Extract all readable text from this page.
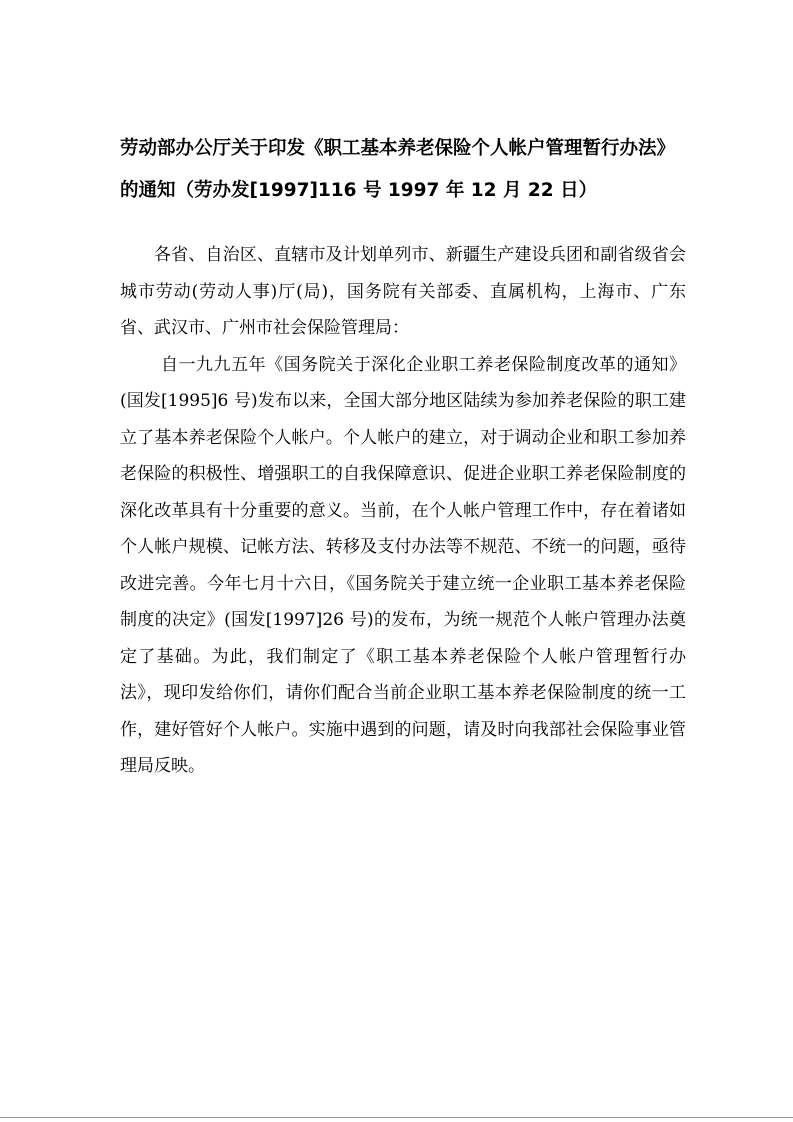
劳动部办公厅关于印发《职工基本养老保险个人帐户管理暂行办法》
的通知（劳办发[1997]116 号 1997 年 12 月 22 日）

各省、自治区、直辖市及计划单列市、新疆生产建设兵团和副省级省会城市劳动(劳动人事)厅(局)，国务院有关部委、直属机构，上海市、广东省、武汉市、广州市社会保险管理局：

自一九九五年《国务院关于深化企业职工养老保险制度改革的通知》(国发[1995]6 号)发布以来，全国大部分地区陆续为参加养老保险的职工建立了基本养老保险个人帐户。个人帐户的建立，对于调动企业和职工参加养老保险的积极性、增强职工的自我保障意识、促进企业职工养老保险制度的深化改革具有十分重要的意义。当前，在个人帐户管理工作中，存在着诸如个人帐户规模、记帐方法、转移及支付办法等不规范、不统一的问题，亟待改进完善。今年七月十六日，《国务院关于建立统一企业职工基本养老保险制度的决定》(国发[1997]26 号)的发布，为统一规范个人帐户管理办法奠定了基础。为此，我们制定了《职工基本养老保险个人帐户管理暂行办法》，现印发给你们，请你们配合当前企业职工基本养老保险制度的统一工作，建好管好个人帐户。实施中遇到的问题，请及时向我部社会保险事业管理局反映。
